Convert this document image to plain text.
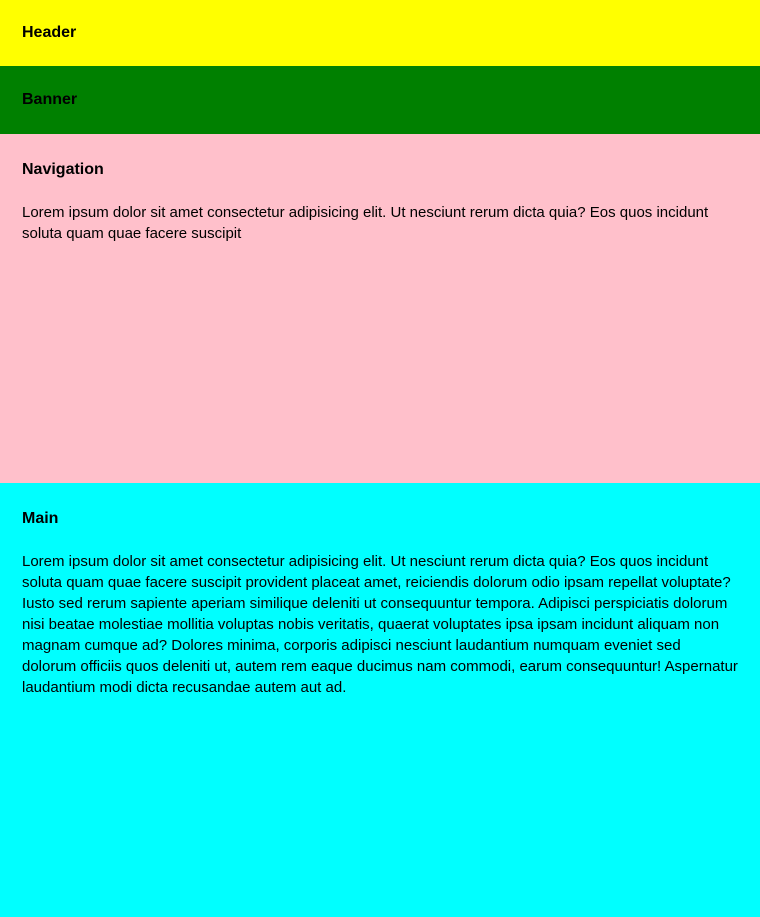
Header
Banner
Navigation

Lorem ipsum dolor sit amet consectetur adipisicing elit. Ut nesciunt rerum dicta quia? Eos quos incidunt soluta quam quae facere suscipit

Main

Lorem ipsum dolor sit amet consectetur adipisicing elit. Ut nesciunt rerum dicta quia? Eos quos incidunt soluta quam quae facere suscipit provident placeat amet, reiciendis dolorum odio ipsam repellat voluptate? Iusto sed rerum sapiente aperiam similique deleniti ut consequuntur tempora. Adipisci perspiciatis dolorum nisi beatae molestiae mollitia voluptas nobis veritatis, quaerat voluptates ipsa ipsam incidunt aliquam non magnam cumque ad? Dolores minima, corporis adipisci nesciunt laudantium numquam eveniet sed dolorum officiis quos deleniti ut, autem rem eaque ducimus nam commodi, earum consequuntur! Aspernatur laudantium modi dicta recusandae autem aut ad.
